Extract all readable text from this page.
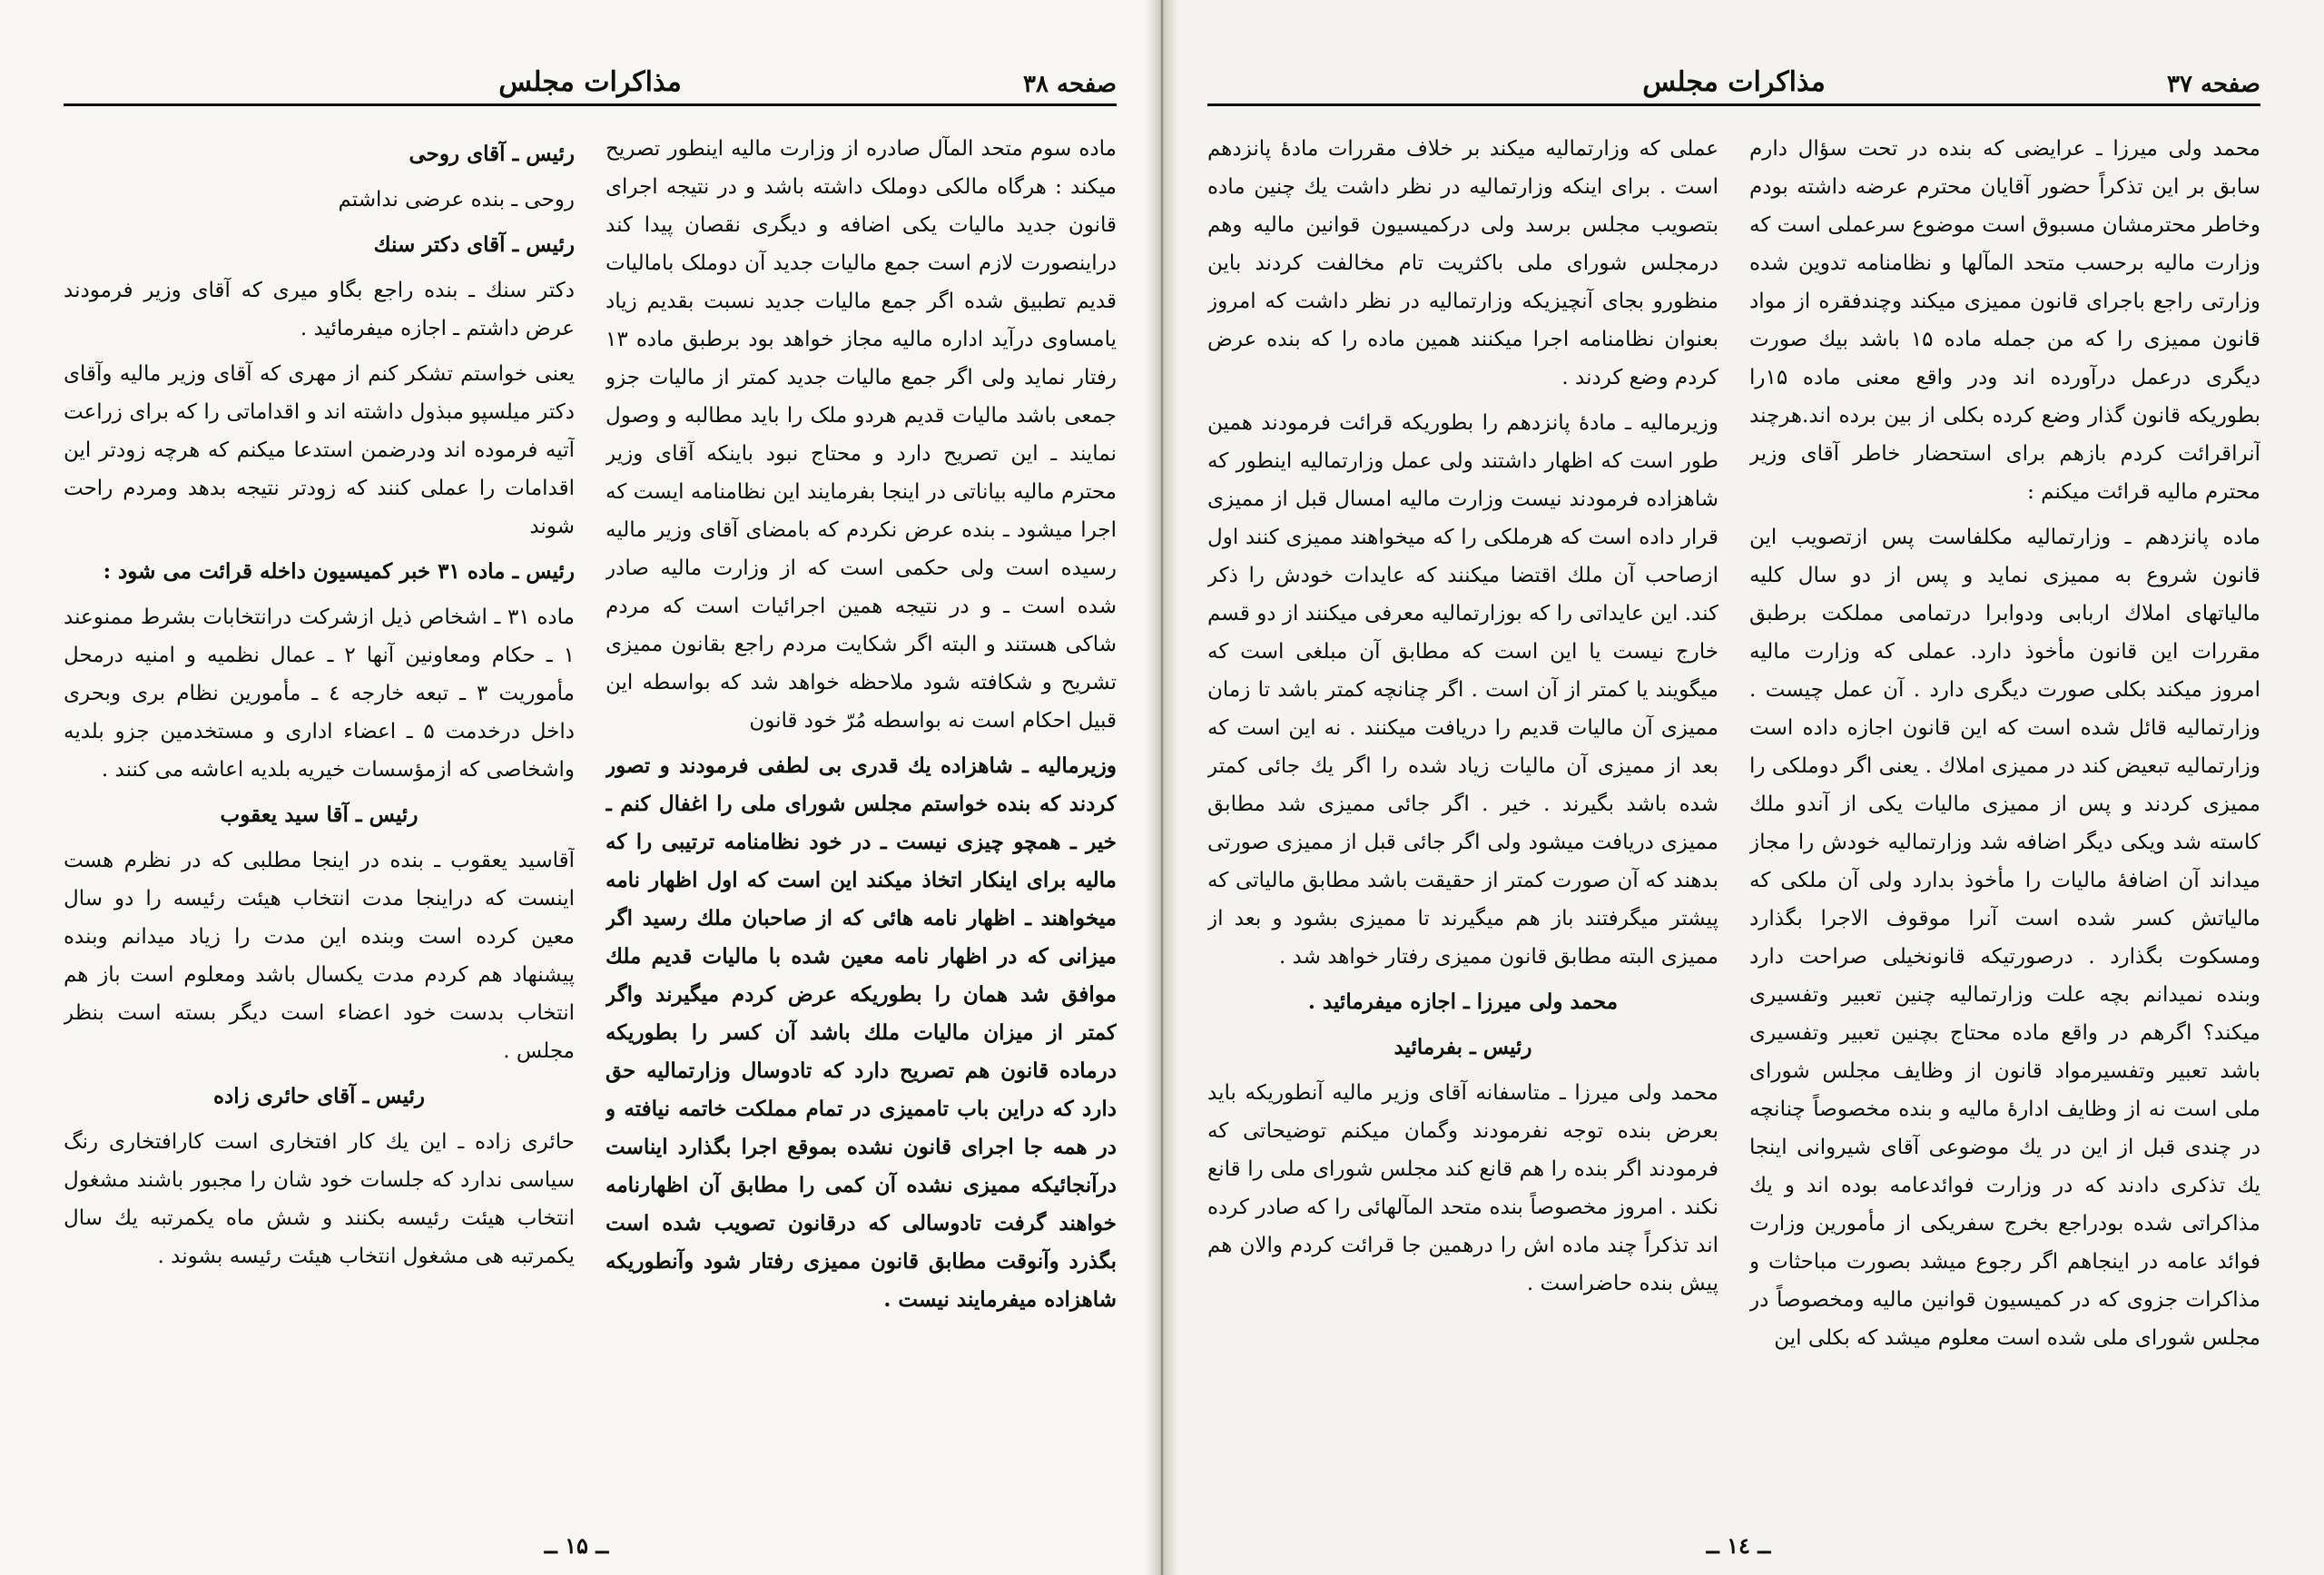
صفحه ۳۸
مذاکرات مجلس

ماده سوم متحد المآل صادره از وزارت مالیه اینطور تصریح میکند : هرگاه مالکی دوملک داشته باشد و در نتیجه اجرای قانون جدید مالیات یکی اضافه و دیگری نقصان پیدا کند دراینصورت لازم است جمع مالیات جدید آن دوملک بامالیات قدیم تطبیق شده اگر جمع مالیات جدید نسبت بقدیم زیاد یامساوی درآید اداره مالیه مجاز خواهد بود برطبق ماده ۱۳ رفتار نماید ولی اگر جمع مالیات جدید کمتر از مالیات جزو جمعی باشد مالیات قدیم هردو ملک را باید مطالبه و وصول نمایند ـ این تصریح دارد و محتاج نبود باینکه آقای وزیر محترم مالیه بیاناتی در اینجا بفرمایند این نظامنامه ایست که اجرا میشود ـ بنده عرض نکردم که بامضای آقای وزیر مالیه رسیده است ولی حکمی است که از وزارت مالیه صادر شده است ـ و در نتیجه همین اجرائیات است که مردم شاکی هستند و البته اگر شکایت مردم راجع بقانون ممیزی تشریح و شکافته شود ملاحظه خواهد شد که بواسطه این قبیل احکام است نه بواسطه مُرّ خود قانون

وزیرمالیه ـ شاهزاده یك قدری بی لطفی فرمودند و تصور کردند که بنده خواستم مجلس شورای ملی را اغفال کنم ـ خیر ـ همچو چیزی نیست ـ در خود نظامنامه ترتیبی را که مالیه برای اینکار اتخاذ میکند این است که اول اظهار نامه میخواهند ـ اظهار نامه هائی که از صاحبان ملك رسید اگر میزانی که در اظهار نامه معین شده با مالیات قدیم ملك موافق شد همان را بطوریکه عرض کردم میگیرند واگر کمتر از میزان مالیات ملك باشد آن کسر را بطوریکه درماده قانون هم تصریح دارد که تادوسال وزارتمالیه حق دارد که دراین باب تاممیزی در تمام مملکت خاتمه نیافته و در همه جا اجرای قانون نشده بموقع اجرا بگذارد ایناست درآنجائیکه ممیزی نشده آن کمی را مطابق آن اظهارنامه خواهند گرفت تادوسالی که درقانون تصویب شده است بگذرد وآنوقت مطابق قانون ممیزی رفتار شود وآنطوریکه شاهزاده میفرمایند نیست .

رئیس ـ آقای روحی

روحی ـ بنده عرضی نداشتم

رئیس ـ آقای دکتر سنك

دکتر سنك ـ بنده راجع بگاو میری که آقای وزیر فرمودند عرض داشتم ـ اجازه میفرمائید .

یعنی خواستم تشکر کنم از مهری که آقای وزیر مالیه وآقای دکتر میلسپو مبذول داشته اند و اقداماتی را که برای زراعت آتیه فرموده اند ودرضمن استدعا میکنم که هرچه زودتر این اقدامات را عملی کنند که زودتر نتیجه بدهد ومردم راحت شوند

رئیس ـ ماده ۳۱ خبر کمیسیون داخله قرائت می شود :

ماده ۳۱ ـ اشخاص ذیل ازشرکت درانتخابات بشرط ممنوعند ۱ ـ حکام ومعاونین آنها ۲ ـ عمال نظمیه و امنیه درمحل مأموریت ۳ ـ تبعه خارجه ٤ ـ مأمورین نظام بری وبحری داخل درخدمت ۵ ـ اعضاء اداری و مستخدمین جزو بلدیه واشخاصی که ازمؤسسات خیریه بلدیه اعاشه می کنند .

رئیس ـ آقا سید یعقوب

آقاسید یعقوب ـ بنده در اینجا مطلبی که در نظرم هست اینست که دراینجا مدت انتخاب هیئت رئیسه را دو سال معین کرده است وبنده این مدت را زیاد میدانم وبنده پیشنهاد هم کردم مدت یکسال باشد ومعلوم است باز هم انتخاب بدست خود اعضاء است دیگر بسته است بنظر مجلس .

رئیس ـ آقای حائری زاده

حائری زاده ـ این یك کار افتخاری است کارافتخاری رنگ سیاسی ندارد که جلسات خود شان را مجبور باشند مشغول انتخاب هیئت رئیسه بکنند و شش ماه یکمرتبه یك سال یکمرتبه هی مشغول انتخاب هیئت رئیسه بشوند .

ــ ۱۵ ــ
مذاکرات مجلس	صفحه ۳۷

محمد ولی میرزا ـ عرایضی که بنده در تحت سؤال دارم سابق بر این تذکراً حضور آقایان محترم عرضه داشته بودم وخاطر محترمشان مسبوق است موضوع سرعملی است که وزارت مالیه برحسب متحد المآلها و نظامنامه تدوین شده وزارتی راجع باجرای قانون ممیزی میکند وچندفقره از مواد قانون ممیزی را که من جمله ماده ۱۵ باشد بیك صورت دیگری درعمل درآورده اند ودر واقع معنی ماده ۱۵را بطوریکه قانون گذار وضع کرده بکلی از بین برده اند.هرچند آنراقرائت کردم بازهم برای استحضار خاطر آقای وزیر محترم مالیه قرائت میکنم :

ماده پانزدهم ـ وزارتمالیه مکلفاست پس ازتصویب این قانون شروع به ممیزی نماید و پس از دو سال کلیه مالیاتهای املاك اربابی ودوابرا درتمامی مملکت برطبق مقررات این قانون مأخوذ دارد. عملی که وزارت مالیه امروز میکند بکلی صورت دیگری دارد . آن عمل چیست . وزارتمالیه قائل شده است که این قانون اجازه داده است وزارتمالیه تبعیض کند در ممیزی املاك . یعنی اگر دوملکی را ممیزی کردند و پس از ممیزی مالیات یکی از آندو ملك کاسته شد ویکی دیگر اضافه شد وزارتمالیه خودش را مجاز میداند آن اضافهٔ مالیات را مأخوذ بدارد ولی آن ملکی که مالیاتش کسر شده است آنرا موقوف الاجرا بگذارد ومسکوت بگذارد . درصورتیکه قانونخیلی صراحت دارد وبنده نمیدانم بچه علت وزارتمالیه چنین تعبیر وتفسیری میکند؟ اگرهم در واقع ماده محتاج بچنین تعبیر وتفسیری باشد تعبیر وتفسیرمواد قانون از وظایف مجلس شورای ملی است نه از وظایف ادارهٔ مالیه و بنده مخصوصاً چنانچه در چندی قبل از این در یك موضوعی آقای شیروانی اینجا یك تذکری دادند که در وزارت فوائدعامه بوده اند و یك مذاکراتی شده بودراجع بخرج سفریکی از مأمورین وزارت فوائد عامه در اینجاهم اگر رجوع میشد بصورت مباحثات و مذاکرات جزوی که در کمیسیون قوانین مالیه ومخصوصاً در مجلس شورای ملی شده است معلوم میشد که بکلی این

عملی که وزارتمالیه میکند بر خلاف مقررات مادهٔ پانزدهم است . برای اینکه وزارتمالیه در نظر داشت یك چنین ماده بتصویب مجلس برسد ولی درکمیسیون قوانین مالیه وهم درمجلس شورای ملی باکثریت تام مخالفت کردند باین منظورو بجای آنچیزیکه وزارتمالیه در نظر داشت که امروز بعنوان نظامنامه اجرا میکنند همین ماده را که بنده عرض کردم وضع کردند .

وزیرمالیه ـ مادهٔ پانزدهم را بطوریکه قرائت فرمودند همین طور است که اظهار داشتند ولی عمل وزارتمالیه اینطور که شاهزاده فرمودند نیست وزارت مالیه امسال قبل از ممیزی قرار داده است که هرملکی را که میخواهند ممیزی کنند اول ازصاحب آن ملك اقتضا میکنند که عایدات خودش را ذکر کند. این عایداتی را که بوزارتمالیه معرفی میکنند از دو قسم خارج نیست یا این است که مطابق آن مبلغی است که میگویند یا کمتر از آن است . اگر چنانچه کمتر باشد تا زمان ممیزی آن مالیات قدیم را دریافت میکنند . نه این است که بعد از ممیزی آن مالیات زیاد شده را اگر یك جائی کمتر شده باشد بگیرند . خیر . اگر جائی ممیزی شد مطابق ممیزی دریافت میشود ولی اگر جائی قبل از ممیزی صورتی بدهند که آن صورت کمتر از حقیقت باشد مطابق مالیاتی که پیشتر میگرفتند باز هم میگیرند تا ممیزی بشود و بعد از ممیزی البته مطابق قانون ممیزی رفتار خواهد شد .

محمد ولی میرزا ـ اجازه میفرمائید .

رئیس ـ بفرمائید

محمد ولی میرزا ـ متاسفانه آقای وزیر مالیه آنطوریکه باید بعرض بنده توجه نفرمودند وگمان میکنم توضیحاتی که فرمودند اگر بنده را هم قانع کند مجلس شورای ملی را قانع نکند . امروز مخصوصاً بنده متحد المآلهائی را که صادر کرده اند تذکراً چند ماده اش را درهمین جا قرائت کردم والان هم پیش بنده حاضراست .

ــ ۱٤ ــ
